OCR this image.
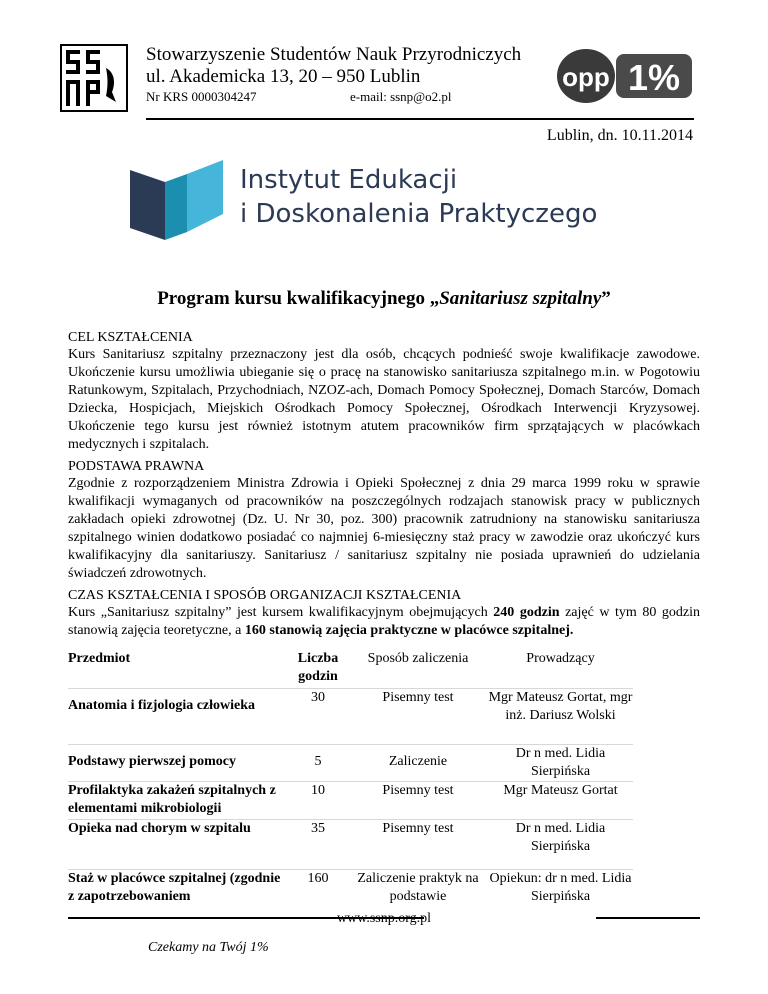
Stowarzyszenie Studentów Nauk Przyrodniczych
ul. Akademicka 13, 20 – 950 Lublin
Nr KRS 0000304247	e-mail: ssnp@o2.pl
opp 1%
Lublin, dn. 10.11.2014
Instytut Edukacji
i Doskonalenia Praktyczego
Program kursu kwalifikacyjnego „Sanitariusz szpitalny”
CEL KSZTAŁCENIA
Kurs Sanitariusz szpitalny przeznaczony jest dla osób, chcących podnieść swoje kwalifikacje zawodowe. Ukończenie kursu umożliwia ubieganie się o pracę na stanowisko sanitariusza szpitalnego m.in. w Pogotowiu Ratunkowym, Szpitalach, Przychodniach, NZOZ-ach, Domach Pomocy Społecznej, Domach Starców, Domach Dziecka, Hospicjach, Miejskich Ośrodkach Pomocy Społecznej, Ośrodkach Interwencji Kryzysowej. Ukończenie tego kursu jest również istotnym atutem pracowników firm sprzątających w placówkach medycznych i szpitalach.
PODSTAWA PRAWNA
Zgodnie z rozporządzeniem Ministra Zdrowia i Opieki Społecznej z dnia 29 marca 1999 roku w sprawie kwalifikacji wymaganych od pracowników na poszczególnych rodzajach stanowisk pracy w publicznych zakładach opieki zdrowotnej (Dz. U. Nr 30, poz. 300) pracownik zatrudniony na stanowisku sanitariusza szpitalnego winien dodatkowo posiadać co najmniej 6-miesięczny staż pracy w zawodzie oraz ukończyć kurs kwalifikacyjny dla sanitariuszy. Sanitariusz / sanitariusz szpitalny nie posiada uprawnień do udzielania świadczeń zdrowotnych.
CZAS KSZTAŁCENIA I SPOSÓB ORGANIZACJI KSZTAŁCENIA
Kurs „Sanitariusz szpitalny” jest kursem kwalifikacyjnym obejmujących 240 godzin zajęć w tym 80 godzin stanowią zajęcia teoretyczne, a 160 stanowią zajęcia praktyczne w placówce szpitalnej.
Przedmiot	Liczba godzin	Sposób zaliczenia	Prowadzący
Anatomia i fizjologia człowieka	30	Pisemny test	Mgr Mateusz Gortat, mgr inż. Dariusz Wolski
Podstawy pierwszej pomocy	5	Zaliczenie	Dr n med. Lidia Sierpińska
Profilaktyka zakażeń szpitalnych z elementami mikrobiologii	10	Pisemny test	Mgr Mateusz Gortat
Opieka nad chorym w szpitalu	35	Pisemny test	Dr n med. Lidia Sierpińska
Staż w placówce szpitalnej (zgodnie z zapotrzebowaniem	160	Zaliczenie praktyk na podstawie	Opiekun: dr n med. Lidia Sierpińska
www.ssnp.org.pl
Czekamy na Twój 1%
